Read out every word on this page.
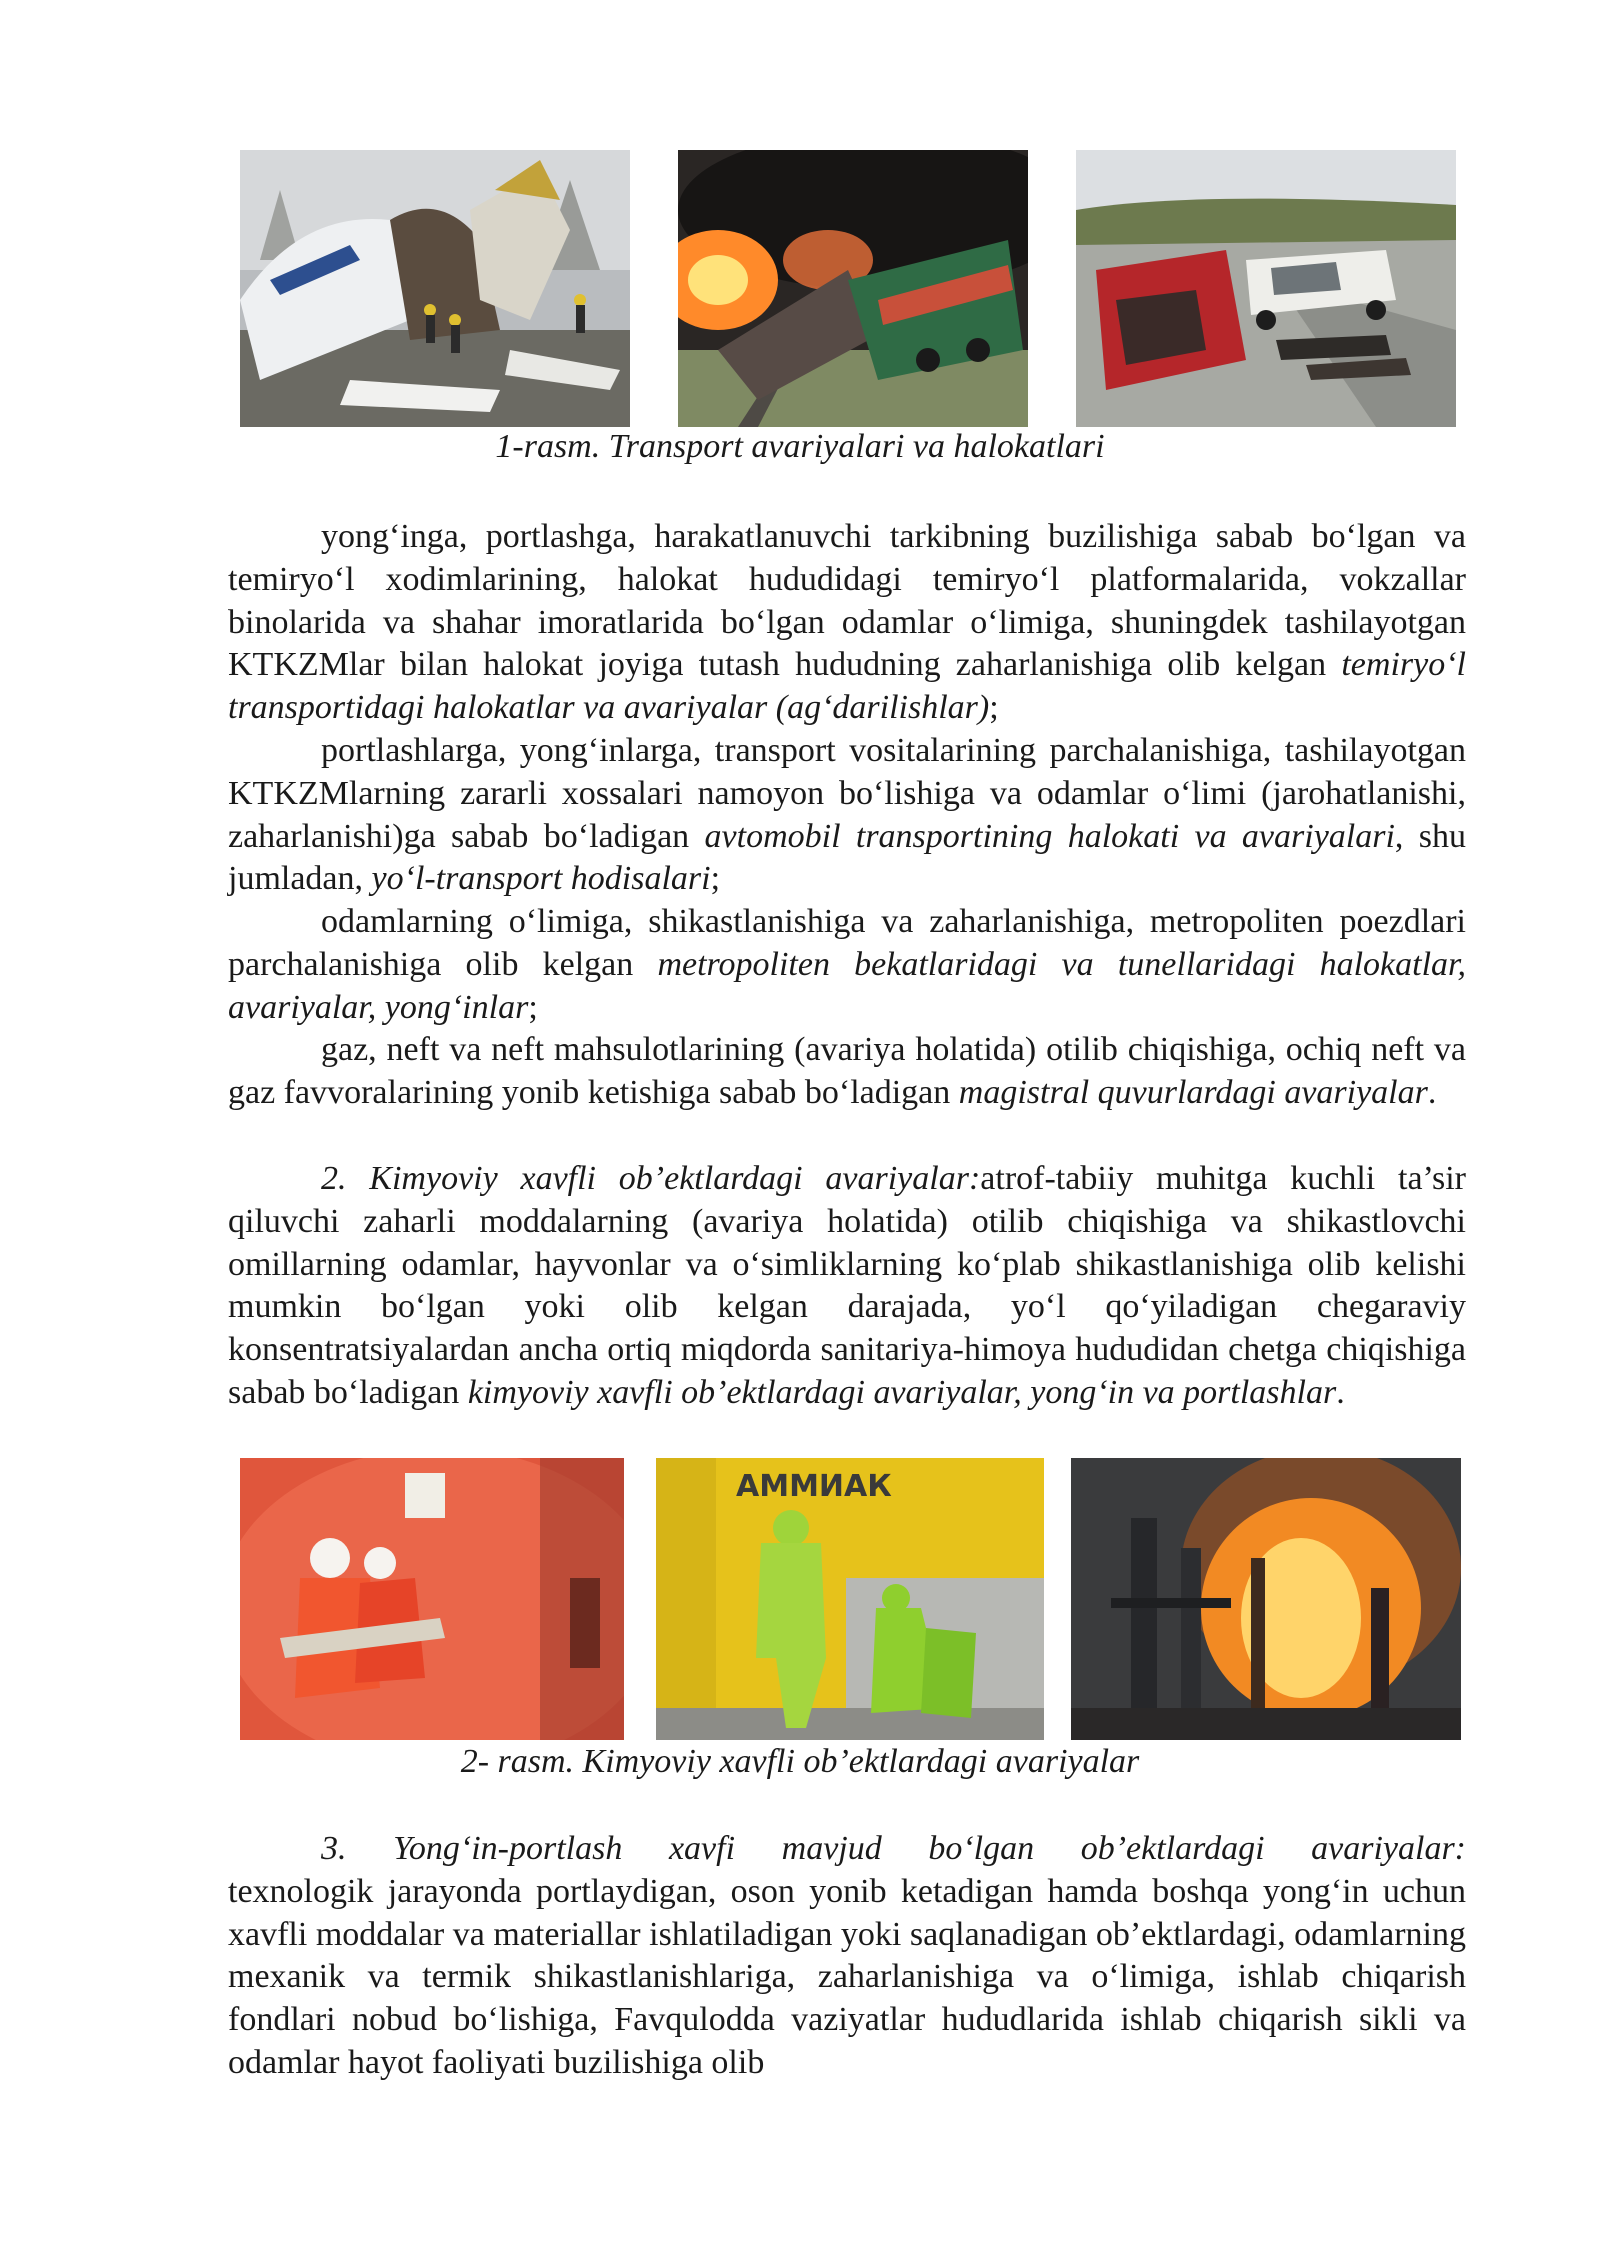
1-rasm. Transport avariyalari va halokatlari

yong‘inga, portlashga, harakatlanuvchi tarkibning buzilishiga sabab bo‘lgan va temiryo‘l xodimlarining, halokat hududidagi temiryo‘l platformalarida, vokzallar binolarida va shahar imoratlarida bo‘lgan odamlar o‘limiga, shuningdek tashilayotgan KTKZMlar bilan halokat joyiga tutash hududning zaharlanishiga olib kelgan temiryo‘l transportidagi halokatlar va avariyalar (ag‘darilishlar);

portlashlarga, yong‘inlarga, transport vositalarining parchalanishiga, tashilayotgan KTKZMlarning zararli xossalari namoyon bo‘lishiga va odamlar o‘limi (jarohatlanishi, zaharlanishi)ga sabab bo‘ladigan avtomobil transportining halokati va avariyalari, shu jumladan, yo‘l-transport hodisalari;

odamlarning o‘limiga, shikastlanishiga va zaharlanishiga, metropoliten poezdlari parchalanishiga olib kelgan metropoliten bekatlaridagi va tunellaridagi halokatlar, avariyalar, yong‘inlar;

gaz, neft va neft mahsulotlarining (avariya holatida) otilib chiqishiga, ochiq neft va gaz favvoralarining yonib ketishiga sabab bo‘ladigan magistral quvurlardagi avariyalar.

2. Kimyoviy xavfli ob’ektlardagi avariyalar:atrof-tabiiy muhitga kuchli ta’sir qiluvchi zaharli moddalarning (avariya holatida) otilib chiqishiga va shikastlovchi omillarning odamlar, hayvonlar va o‘simliklarning ko‘plab shikastlanishiga olib kelishi mumkin bo‘lgan yoki olib kelgan darajada, yo‘l qo‘yiladigan chegaraviy konsentratsiyalardan ancha ortiq miqdorda sanitariya-himoya hududidan chetga chiqishiga sabab bo‘ladigan kimyoviy xavfli ob’ektlardagi avariyalar, yong‘in va portlashlar.

АММИАК
2- rasm. Kimyoviy xavfli ob’ektlardagi avariyalar

3. Yong‘in-portlash xavfi mavjud bo‘lgan ob’ektlardagi avariyalar:
texnologik jarayonda portlaydigan, oson yonib ketadigan hamda boshqa yong‘in uchun xavfli moddalar va materiallar ishlatiladigan yoki saqlanadigan ob’ektlardagi, odamlarning mexanik va termik shikastlanishlariga, zaharlanishiga va o‘limiga, ishlab chiqarish fondlari nobud bo‘lishiga, Favqulodda vaziyatlar hududlarida ishlab chiqarish sikli va odamlar hayot faoliyati buzilishiga olib
